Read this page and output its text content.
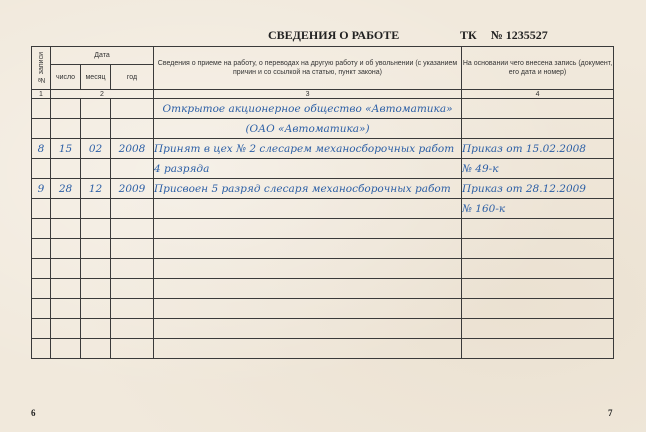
СВЕДЕНИЯ О РАБОТЕ	ТК № 1235527
№ записи	Дата			Сведения о приеме на работу, о переводах на другую работу и об увольнении (с указанием причин и со ссылкой на статью, пункт закона)	На основании чего внесена запись (документ, его дата и номер)
	число	месяц	год		
1	2			3	4
				Открытое акционерное общество «Автоматика»	
				(ОАО «Автоматика»)	
8	15	02	2008	Принят в цех № 2 слесарем механосборочных работ	Приказ от 15.02.2008
				4 разряда	№ 49-к
9	28	12	2009	Присвоен 5 разряд слесаря механосборочных работ	Приказ от 28.12.2009
					№ 160-к

6	7
